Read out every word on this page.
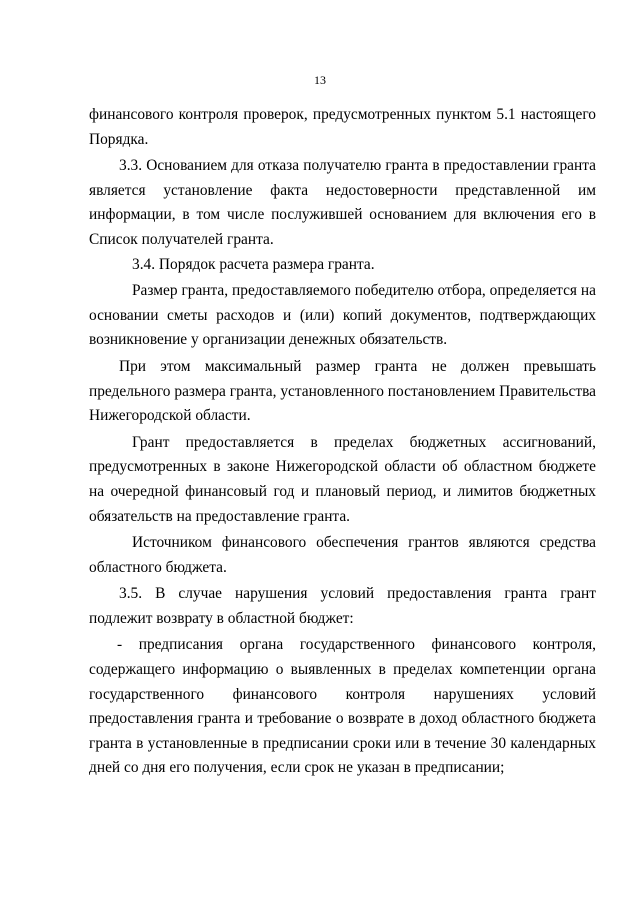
13

финансового контроля проверок, предусмотренных пунктом 5.1 настоящего Порядка.

3.3. Основанием для отказа получателю гранта в предоставлении гранта является установление факта недостоверности представленной им информации, в том числе послужившей основанием для включения его в Список получателей гранта.

3.4. Порядок расчета размера гранта.

Размер гранта, предоставляемого победителю отбора, определяется на основании сметы расходов и (или) копий документов, подтверждающих возникновение у организации денежных обязательств.

При этом максимальный размер гранта не должен превышать предельного размера гранта, установленного постановлением Правительства Нижегородской области.

Грант предоставляется в пределах бюджетных ассигнований, предусмотренных в законе Нижегородской области об областном бюджете на очередной финансовый год и плановый период, и лимитов бюджетных обязательств на предоставление гранта.

Источником финансового обеспечения грантов являются средства областного бюджета.

3.5. В случае нарушения условий предоставления гранта грант подлежит возврату в областной бюджет:

- предписания органа государственного финансового контроля, содержащего информацию о выявленных в пределах компетенции органа государственного финансового контроля нарушениях условий предоставления гранта и требование о возврате в доход областного бюджета гранта в установленные в предписании сроки или в течение 30 календарных дней со дня его получения, если срок не указан в предписании;
